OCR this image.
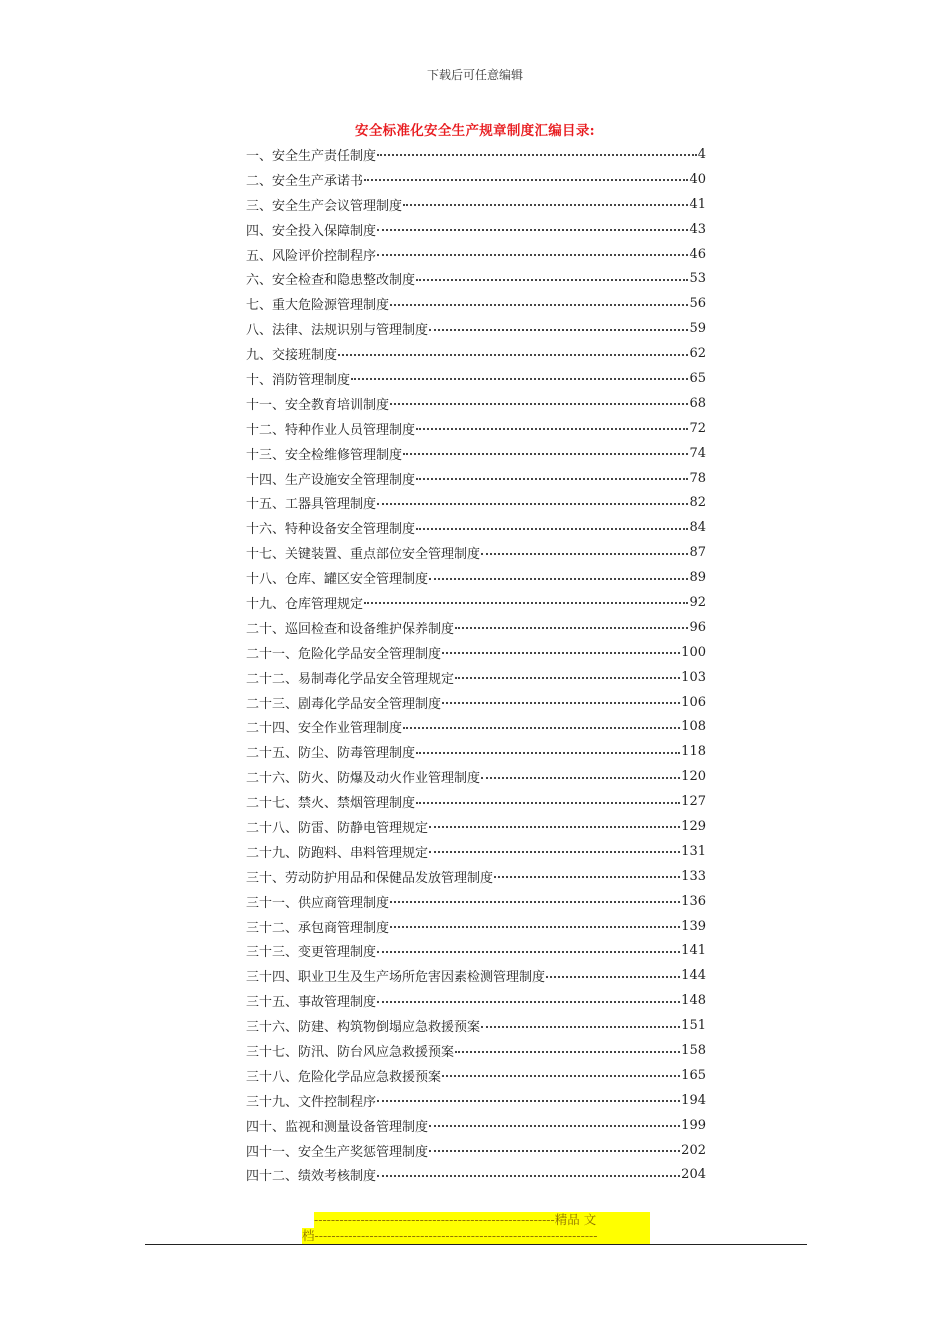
下载后可任意编辑
安全标准化安全生产规章制度汇编目录:
一、安全生产责任制度	4
二、安全生产承诺书	40
三、安全生产会议管理制度	41
四、安全投入保障制度	43
五、风险评价控制程序	46
六、安全检查和隐患整改制度	53
七、重大危险源管理制度	56
八、法律、法规识别与管理制度	59
九、交接班制度	62
十、消防管理制度	65
十一、安全教育培训制度	68
十二、特种作业人员管理制度	72
十三、安全检维修管理制度	74
十四、生产设施安全管理制度	78
十五、工器具管理制度	82
十六、特种设备安全管理制度	84
十七、关键装置、重点部位安全管理制度	87
十八、仓库、罐区安全管理制度	89
十九、仓库管理规定	92
二十、巡回检查和设备维护保养制度	96
二十一、危险化学品安全管理制度	100
二十二、易制毒化学品安全管理规定	103
二十三、剧毒化学品安全管理制度	106
二十四、安全作业管理制度	108
二十五、防尘、防毒管理制度	118
二十六、防火、防爆及动火作业管理制度	120
二十七、禁火、禁烟管理制度	127
二十八、防雷、防静电管理规定	129
二十九、防跑料、串料管理规定	131
三十、劳动防护用品和保健品发放管理制度	133
三十一、供应商管理制度	136
三十二、承包商管理制度	139
三十三、变更管理制度	141
三十四、职业卫生及生产场所危害因素检测管理制度	144
三十五、事故管理制度	148
三十六、防建、构筑物倒塌应急救援预案	151
三十七、防汛、防台风应急救援预案	158
三十八、危险化学品应急救援预案	165
三十九、文件控制程序	194
四十、监视和测量设备管理制度	199
四十一、安全生产奖惩管理制度	202
四十二、绩效考核制度	204
---------------------------------------------------------精品 文
档-------------------------------------------------------------------
